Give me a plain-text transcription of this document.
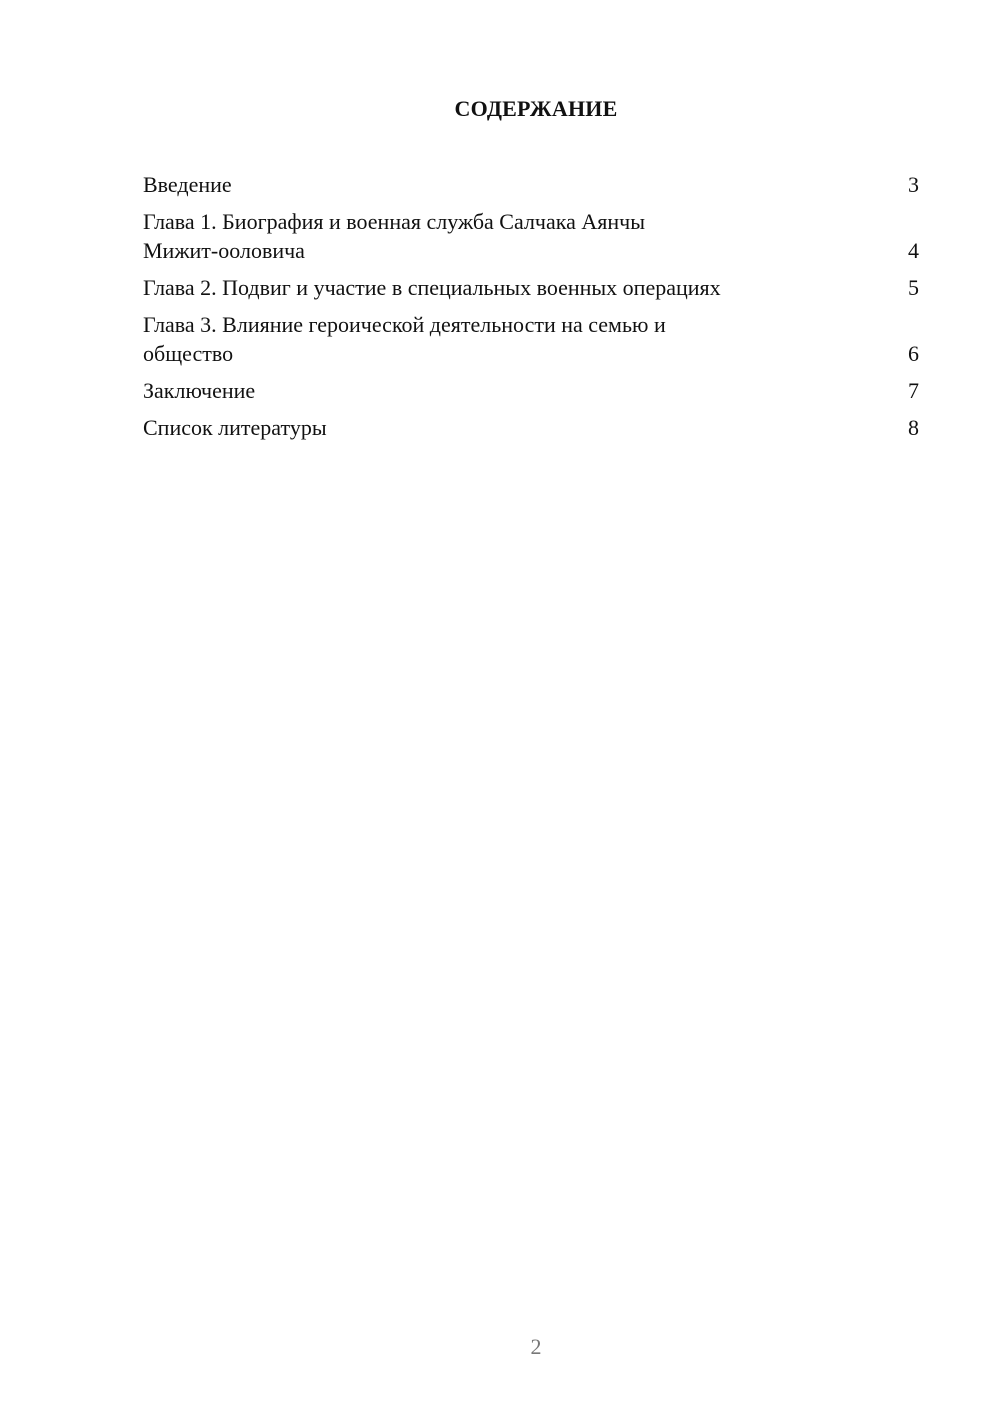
СОДЕРЖАНИЕ
Введение	3
Глава 1. Биография и военная служба Салчака Аянчы Мижит-ооловича	4
Глава 2. Подвиг и участие в специальных военных операциях	5
Глава 3. Влияние героической деятельности на семью и общество	6
Заключение	7
Список литературы	8
2
